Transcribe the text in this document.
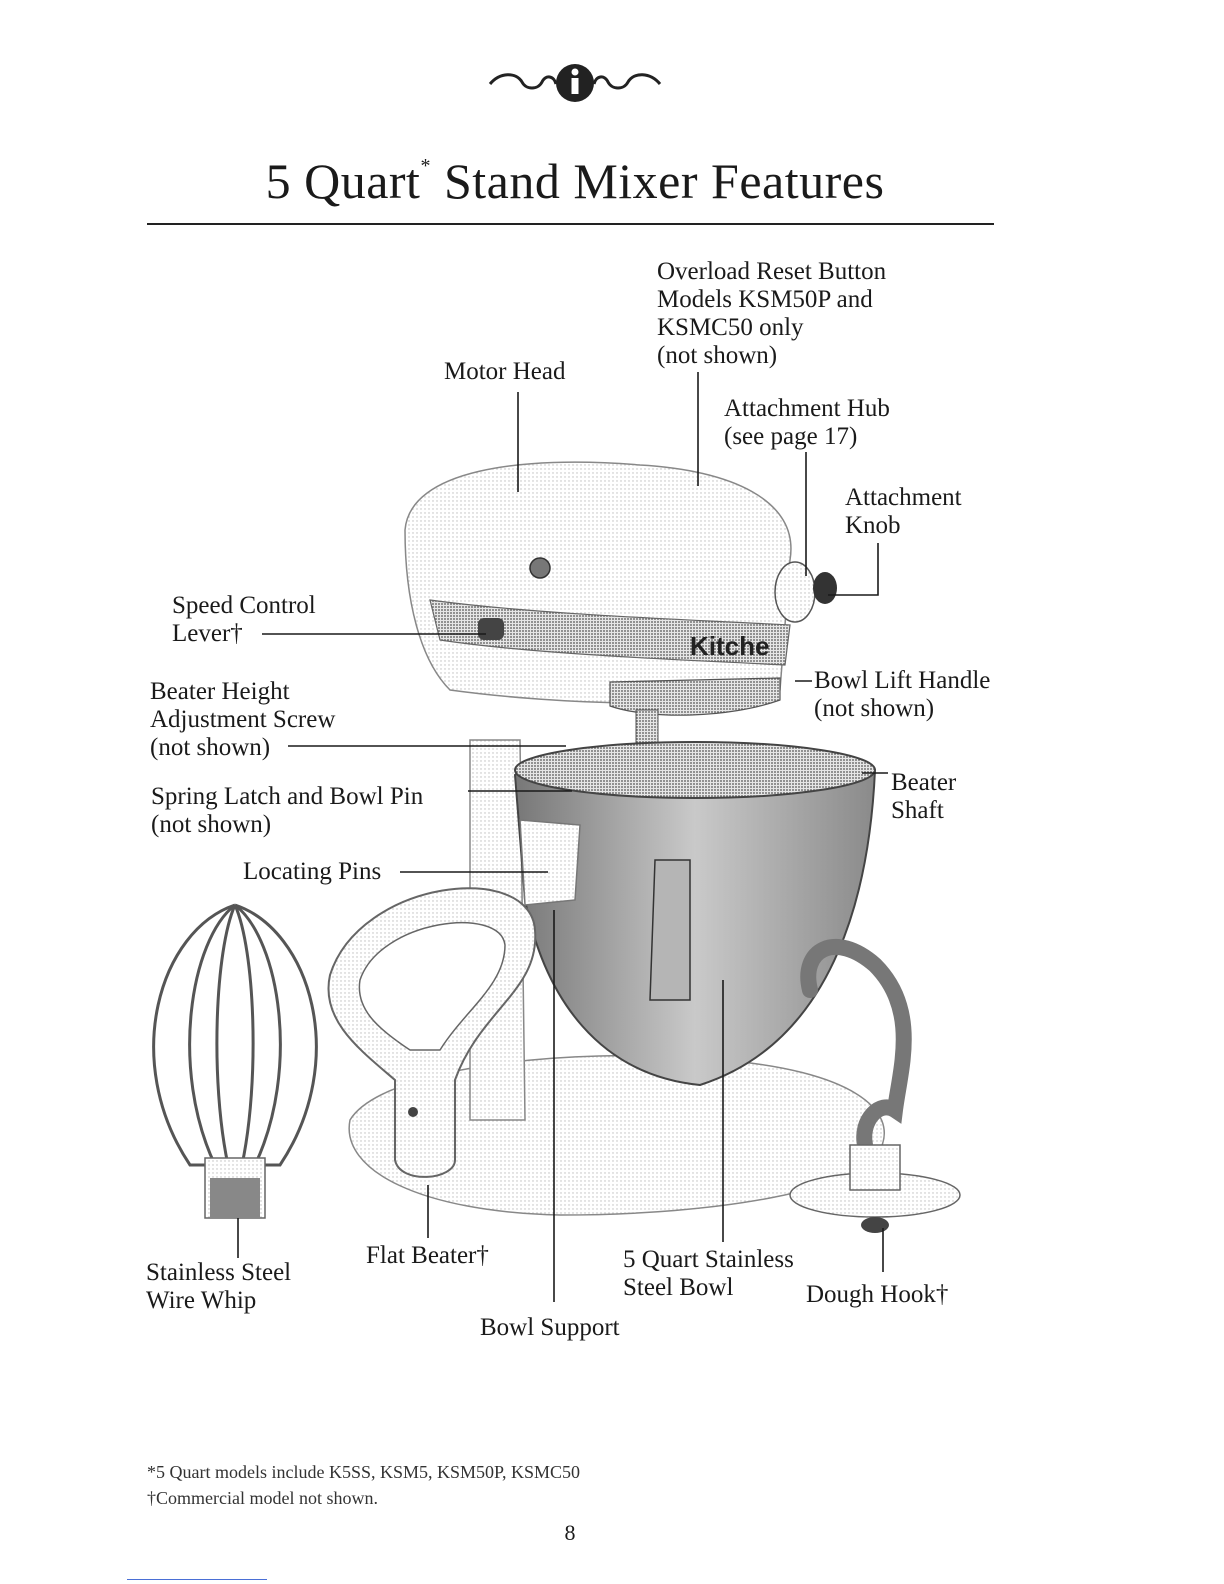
5 Quart* Stand Mixer Features
Kitche
Overload Reset Button
Models KSM50P and
KSMC50 only
(not shown)
Motor Head
Attachment Hub
(see page 17)
Attachment
Knob
Speed Control
Lever†
Bowl Lift Handle
(not shown)
Beater Height
Adjustment Screw
(not shown)
Beater
Shaft
Spring Latch and Bowl Pin
(not shown)
Locating Pins
Stainless Steel
Wire Whip
Flat Beater†	5 Quart Stainless
Steel Bowl	Dough Hook†
Bowl Support
*5 Quart models include K5SS, KSM5, KSM50P, KSMC50
†Commercial model not shown.
8
